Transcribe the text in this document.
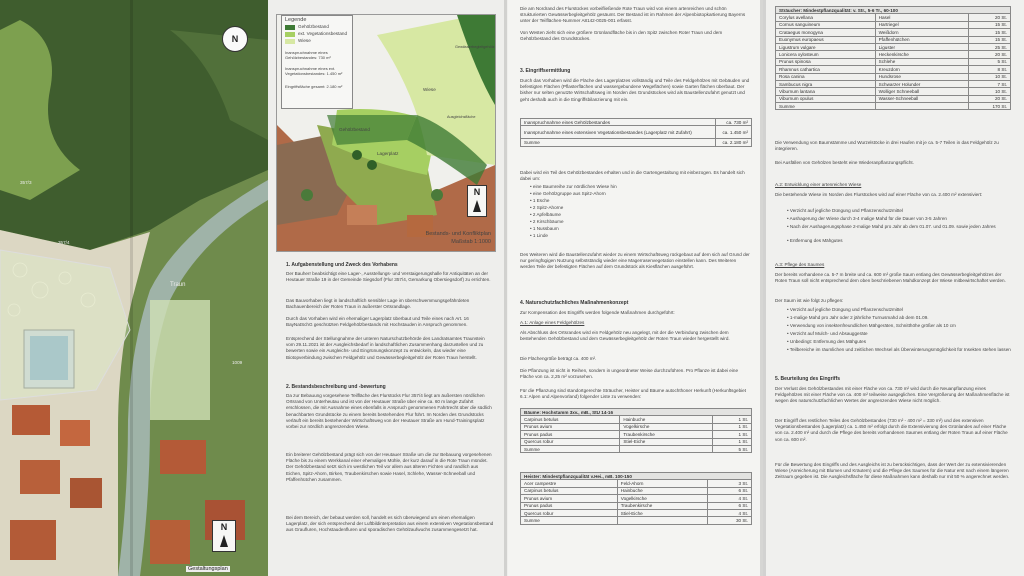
Traun
357/4
1009
357/3
N
N
Gestaltungsplan
Legende
Gehölzbestand
ext. Vegetationsbestand
Wiese
Inanspruchnahme eines Gehölzbestandes: 730 m²
Inanspruchnahme eines ext. Vegetationsbestandes: 1.450 m²
Eingriffsfläche gesamt: 2.180 m²
Gewässerbegleitgehölz
Wiese
Ausgleichsfläche
Gehölzbestand
Lagerplatz
N
Bestands- und Konfliktplan
Maßstab 1:1000
1. Aufgabenstellung und Zweck des Vorhabens
Der Bauherr beabsichtigt eine Lager-, Ausstellungs- und Verstaigerungshalle für Antiquitäten an der Heutauer Straße 19 in der Gemeinde Siegsdorf (Flur 357/4, Gemarkung Obersiegsdorf) zu errichten.
Das Bauvorhaben liegt in landschaftlich sensibler Lage im überschwemmungsgefährdeten Bachauenbereich der Roten Traun in äußerster Ortsrandlage.
Durch das Vorhaben wird ein ehemaliger Lagerplatz überbaut und Teile eines nach Art. 16 BayNatSchG geschützten Feldgehölzbestands mit Hochstauden in Anspruch genommen.
Entsprechend der Stellungnahme der unteren Naturschutzbehörde des Landratsamtes Traunstein vom 29.11.2021 ist der Ausgleichsbedarf in landschaftlichen Zusammenhang darzustellen und zu bewerten sowie ein Ausgleichs- und Eingrünungskonzept zu entwickeln, das wieder eine Biotopverbindung zwischen Feldgehölz und Gewässerbegleitgehölz der Roten Traun herstellt.
2. Bestandsbeschreibung und -bewertung
Da zur Bebauung vorgesehene Teilfläche des Flurstücks Flur 357/4 liegt am äußersten nördlichen Ortsrand von Unterheutau und ist von der Heutauer Straße über eine ca. 60 m lange Zufahrt erschlossen, die mit Ausnahme eines ebenfalls in Anspruch genommenen Fahrtrecht über die südlich benachbarten Grundstücke zu einem bereits bestehenden Flur führt. Im Norden des Grundstücks verläuft ein bereits bestehender Wirtschaftsweg von der Heutauer Straße am Hund-Trainingsplatz vorbei zur nördlich angrenzenden Wiese.
Ein breiterer Gehölzbestand prägt sich von der Heutauer Straße um die zur Bebauung vorgesehenen Fläche bis zu einem Werkkanal einer ehemaligen Mühle, der kurz darauf in die Rote Traun mündet. Der Gehölzbestand setzt sich im westlichen Teil vor allem aus älteren Fichten und randlich aus Eichen, Spitz-Ahorn, Birken, Traubenkirschen sowie Hasel, Schlehe, Wasser-Schneeball und Pfaffenhütchen zusammen.
Bei dem Bereich, der bebaut werden soll, handelt es sich überwiegend um einen ehemaligen Lagerplatz, der sich entsprechend der Luftbildinterpretation aus einem extensiven Vegetationsbestand aus Graufluren, Hochstaudenfluren und sporadischen Gehölzaufwuchs zusammengesetzt hat.
Die am Nordrand des Flurstückes vorbeifließende Rote Traun wird von einem artenreichen und schön strukturierten Gewässerbegleitgehölz gesäumt. Der Bestand ist im Rahmen der Alpenbiotopkartierung Bayerns unter der Teilflächen-Nummer A8142-0025-001 erfasst.
Von Westen zieht sich eine größere Grünlandfläche bis in den Spitz zwischen Roter Traun und dem Gehölzbestand des Grundstückes.
3. Eingriffsermittlung
Durch das Vorhaben wird die Fläche des Lagerplatzes vollständig und Teile des Feldgehölzes mit Gebäuden und befestigten Flächen (Pflasterflächen und wassergebundene Wegeflächen) sowie Garten flächen überbaut. Der bisher nur selten genutzte Wirtschaftsweg im Norden des Grundstückes wird als Baustellenzufahrt genutzt und geht deshalb auch in die Eingriffsbilanzierung mit ein.
Inanspruchnahme eines Gehölzbestandes	ca. 730 m²
Inanspruchnahme eines extensiven Vegetationsbestandes (Lagerplatz mit Zufahrt)	ca. 1.450 m²
Summe	ca. 2.180 m²
Dabei wird ein Teil des Gehölzbestandes erhalten und in die Gartengestaltung mit einbezogen. Es handelt sich dabei um:
• eine Baumreihe zur nördlichen Wiese hin
• eine Gehölzgruppe aus Spitz-Ahorn
• 1 Esche
• 2 Spitz-Ahorne
• 2 Apfelbäume
• 2 Kirschbäume
• 1 Nussbaum
• 1 Linde
Des Weiteren wird die Baustellenzufahrt wieder zu einem Wirtschaftsweg rückgebaut auf dem sich auf Grund der nur geringfügigen Nutzung selbstständig wieder eine Magerrasenvegetation einstellen kann. Des Weiteren werden Teile der befestigten Flächen auf dem Grundstück als Kiesflächen ausgeführt.
4. Naturschutzfachliches Maßnahmenkonzept
Zur Kompensation des Eingriffs werden folgende Maßnahmen durchgeführt:
A.1: Anlage eines Feldgehölzes
Als Abschluss des Ortsrandes wird ein Feldgehölz neu angelegt, mit der die Verbindung zwischen dem bestehenden Gehölzbestand und dem Gewässerbegleitgehölz der Roten Traun wieder hergestellt wird.
Die Flächengröße beträgt ca. 400 m².
Die Pflanzung ist nicht in Reihen, sondern in ungeordneter Weise durchzuführen. Pro Pflanze ist dabei eine Fläche von ca. 2,25 m² vorzusehen.
Für die Pflanzung sind standortgerechte Sträucher, Heister und Bäume autochthoner Herkunft (Herkunftsgebiet 6.1: Alpen und Alpenvorland) folgender Liste zu verwenden:
Bäume: Hochstamm 3xv., mB., StU 14-16		
Carpinus betulus	Hainbuche	1 St.
Prunus avium	Vogelkirsche	1 St.
Prunus padus	Traubenkirsche	1 St.
Quercus robur	Stiel-Eiche	1 St.
Summe		5 St.
Heister: Mindestpflanzqualität v.Hei., mB. 100-150		
Acer campestre	Feld-Ahorn	3 St.
Carpinus betulus	Hainbuche	6 St.
Prunus avium	Vogelkirsche	4 St.
Prunus padus	Traubenkirsche	6 St.
Quercus robur	Stiel-Eiche	4 St.
Summe		30 St.
Sträucher: Mindestpflanzqualität: v. Str., 5-6 Tr., 60-100		
Corylus avellana	Hasel	20 St.
Cornus sanguineum	Hartriegel	15 St.
Crataegus monogyna	Weißdorn	15 St.
Euonymus europaeus	Pfaffenhütchen	15 St.
Ligustrum vulgare	Liguster	25 St.
Lonicera xylosteum	Heckenkirsche	20 St.
Prunus spinosa	Schlehe	5 St.
Rhamnus cathartica	Kreuzdorn	8 St.
Rosa canina	Hundsrose	10 St.
Sambucus nigra	Schwarzer Holunder	7 St.
Viburnum lantana	Wolliger Schneeball	10 St.
Viburnum opulus	Wasser-Schneeball	20 St.
Summe		170 St.
Die Verwendung von Baumstämme und Wurzelstöcke in drei Haufen mit je ca. 5-7 Teilen in das Feldgehölz zu integrieren.
Bei Ausfällen von Gehölzen besteht eine Wiederanpflanzungspflicht.
A.2: Entwicklung einer artenreichen Wiese
Die bestehende Wiese im Norden des Flurstückes wird auf einer Fläche von ca. 2.400 m² extensiviert:
• Verzicht auf jegliche Düngung und Pflanzenschutzmittel
• Aushagerung der Wiese durch 3-4 malige Mahd für die Dauer von 3-5 Jahren
• Nach der Aushagerungsphase 2-malige Mahd pro Jahr ab dem 01.07. und 01.09. sowie jeden Jahres
• Entfernung des Mähgutes
A.3: Pflege des Saumes
Der bereits vorhandene ca. 5-7 m breite und ca. 600 m² große Saum entlang des Gewässerbegleitgehölzes der Roten Traun soll nicht entsprechend dem oben beschriebenen Mahdkonzept der Wiese mitbewirtschaftet werden.
Der Saum ist wie folgt zu pflegen:
• Verzicht auf jegliche Düngung und Pflanzenschutzmittel
• 1-malige Mahd pro Jahr oder 2 jährliche Turnusmahd ab dem 01.09.
• Verwendung von insektenfreundlichen Mähgeräten, Schnitthöhe größer als 10 cm
• Verzicht auf Mulch- und Absauggeräte
• Unbedingt: Entfernung des Mähgutes
• Teilbereiche im räumlichen und zeitlichen Wechsel als Überwinterungsmöglichkeit für Insekten stehen lassen
5. Beurteilung des Eingriffs
Der Verlust des Gehölzbestandes mit einer Fläche von ca. 730 m² wird durch die Neuanpflanzung eines Feldgehölzes mit einer Fläche von ca. 400 m² teilweise ausgeglichen. Eine Vergrößerung der Maßnahmenfläche ist wegen des naturschutzfachlichen Wertes der angrenzenden Wiese nicht möglich.
Der Eingriff des restlichen Teiles des Gehölzbestandes (730 m² - 400 m² = 330 m²) und des extensiven Vegetationsbestandes (Lagerplatz) ca. 1.450 m² erfolgt durch die Extensivierung des Grünlandes auf einer Fläche von ca. 2.400 m² und durch die Pflege des bereits vorhandenen Saumes entlang der Roten Traun auf einer Fläche von ca. 600 m².
Für die Bewertung des Eingriffs und des Ausgleichs ist zu berücksichtigen, dass der Wert der zu extensivierenden Wiese (Anreicherung mit Blumen und Kräutern) und die Pflege des Saumes für die Natur erst nach einem längeren Zeitraum gegeben ist. Die Ausgleichsfläche für diese Maßnahmen kann deshalb nur mit 50 % angerechnet werden.
